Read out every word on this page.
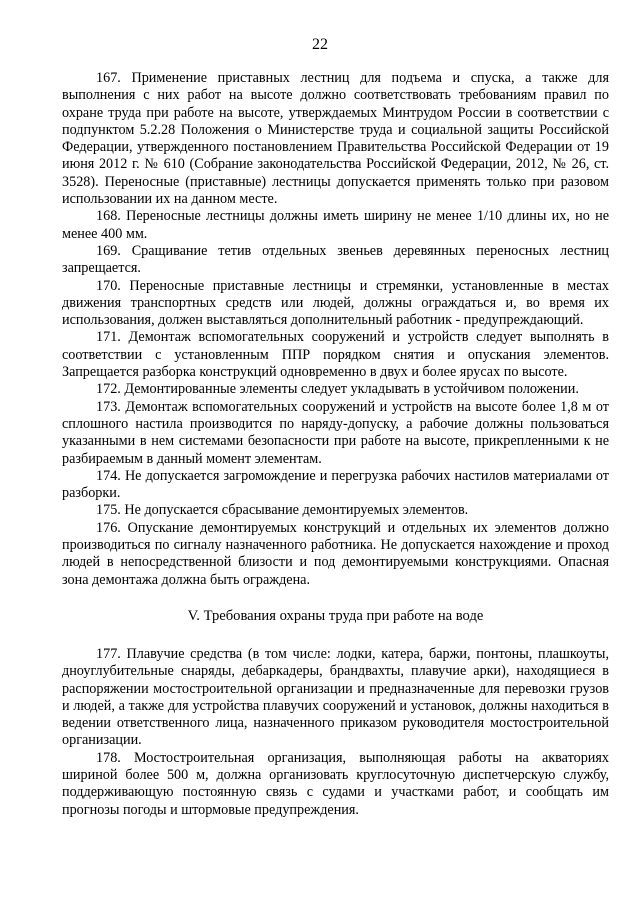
22

167. Применение приставных лестниц для подъема и спуска, а также для выполнения с них работ на высоте должно соответствовать требованиям правил по охране труда при работе на высоте, утверждаемых Минтрудом России в соответствии с подпунктом 5.2.28 Положения о Министерстве труда и социальной защиты Российской Федерации, утвержденного постановлением Правительства Российской Федерации от 19 июня 2012 г. № 610 (Собрание законодательства Российской Федерации, 2012, № 26, ст. 3528). Переносные (приставные) лестницы допускается применять только при разовом использовании их на данном месте.

168. Переносные лестницы должны иметь ширину не менее 1/10 длины их, но не менее 400 мм.

169. Сращивание тетив отдельных звеньев деревянных переносных лестниц запрещается.

170. Переносные приставные лестницы и стремянки, установленные в местах движения транспортных средств или людей, должны ограждаться и, во время их использования, должен выставляться дополнительный работник - предупреждающий.

171. Демонтаж вспомогательных сооружений и устройств следует выполнять в соответствии с установленным ППР порядком снятия и опускания элементов. Запрещается разборка конструкций одновременно в двух и более ярусах по высоте.

172. Демонтированные элементы следует укладывать в устойчивом положении.

173. Демонтаж вспомогательных сооружений и устройств на высоте более 1,8 м от сплошного настила производится по наряду-допуску, а рабочие должны пользоваться указанными в нем системами безопасности при работе на высоте, прикрепленными к не разбираемым в данный момент элементам.

174. Не допускается загромождение и перегрузка рабочих настилов материалами от разборки.

175. Не допускается сбрасывание демонтируемых элементов.

176. Опускание демонтируемых конструкций и отдельных их элементов должно производиться по сигналу назначенного работника. Не допускается нахождение и проход людей в непосредственной близости и под демонтируемыми конструкциями. Опасная зона демонтажа должна быть ограждена.

V. Требования охраны труда при работе на воде

177. Плавучие средства (в том числе: лодки, катера, баржи, понтоны, плашкоуты, дноуглубительные снаряды, дебаркадеры, брандвахты, плавучие арки), находящиеся в распоряжении мостостроительной организации и предназначенные для перевозки грузов и людей, а также для устройства плавучих сооружений и установок, должны находиться в ведении ответственного лица, назначенного приказом руководителя мостостроительной организации.

178. Мостостроительная организация, выполняющая работы на акваториях шириной более 500 м, должна организовать круглосуточную диспетчерскую службу, поддерживающую постоянную связь с судами и участками работ, и сообщать им прогнозы погоды и штормовые предупреждения.
